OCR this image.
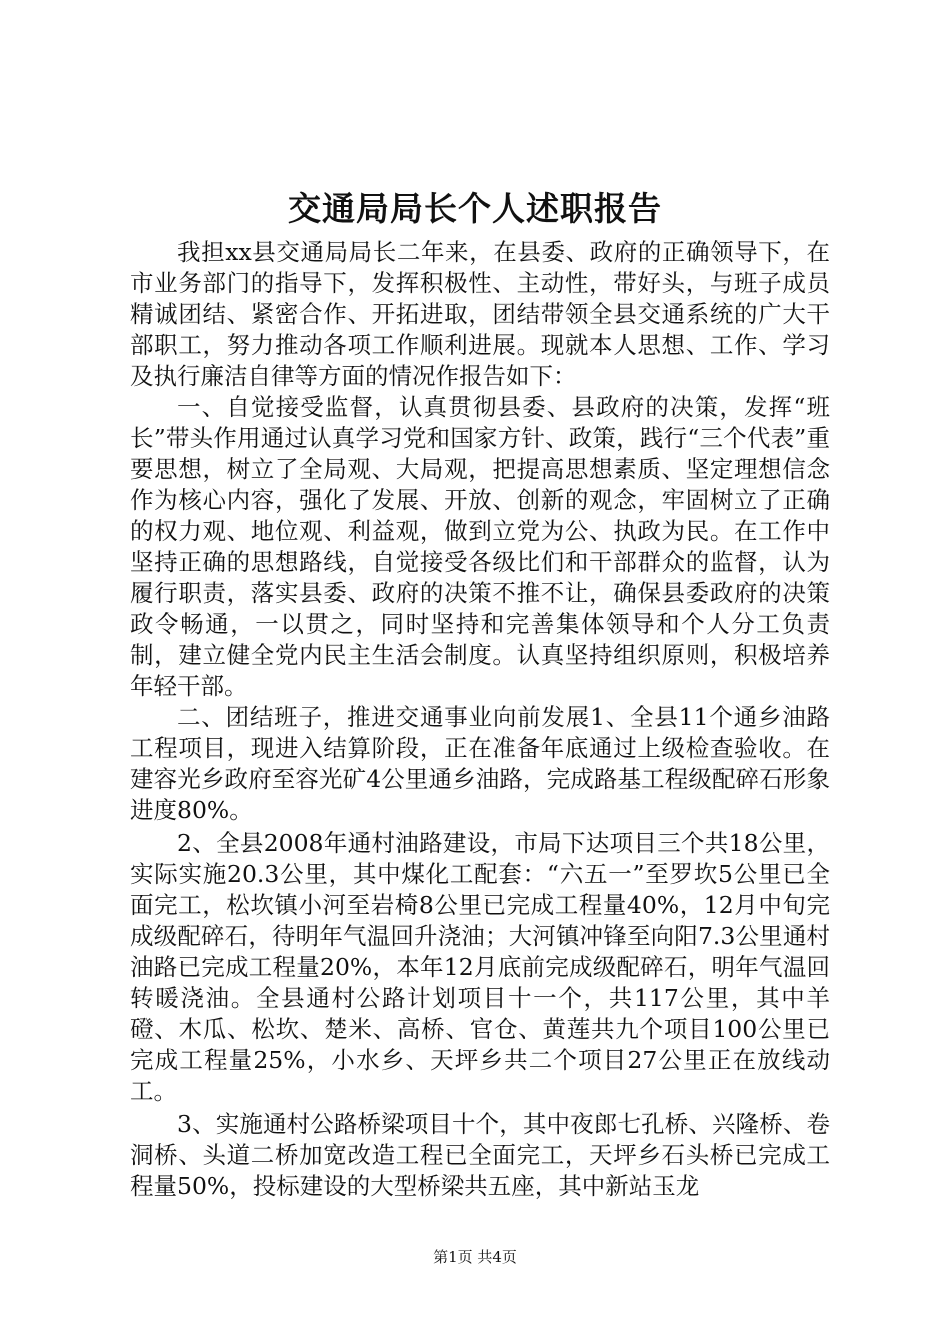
交通局局长个人述职报告

我担xx县交通局局长二年来，在县委、政府的正确领导下，在市业务部门的指导下，发挥积极性、主动性，带好头，与班子成员精诚团结、紧密合作、开拓进取，团结带领全县交通系统的广大干部职工，努力推动各项工作顺利进展。现就本人思想、工作、学习及执行廉洁自律等方面的情况作报告如下：

一、自觉接受监督，认真贯彻县委、县政府的决策，发挥“班长”带头作用通过认真学习党和国家方针、政策，践行“三个代表”重要思想，树立了全局观、大局观，把提高思想素质、坚定理想信念作为核心内容，强化了发展、开放、创新的观念，牢固树立了正确的权力观、地位观、利益观，做到立党为公、执政为民。在工作中坚持正确的思想路线，自觉接受各级比们和干部群众的监督，认为履行职责，落实县委、政府的决策不推不让，确保县委政府的决策政令畅通，一以贯之，同时坚持和完善集体领导和个人分工负责制，建立健全党内民主生活会制度。认真坚持组织原则，积极培养年轻干部。

二、团结班子，推进交通事业向前发展1、全县11个通乡油路工程项目，现进入结算阶段，正在准备年底通过上级检查验收。在建容光乡政府至容光矿4公里通乡油路，完成路基工程级配碎石形象进度80%。

2、全县2008年通村油路建设，市局下达项目三个共18公里，实际实施20.3公里，其中煤化工配套：“六五一”至罗坎5公里已全面完工，松坎镇小河至岩椅8公里已完成工程量40%，12月中旬完成级配碎石，待明年气温回升浇油；大河镇冲锋至向阳7.3公里通村油路已完成工程量20%，本年12月底前完成级配碎石，明年气温回转暖浇油。全县通村公路计划项目十一个，共117公里，其中羊磴、木瓜、松坎、楚米、高桥、官仓、黄莲共九个项目100公里已完成工程量25%，小水乡、天坪乡共二个项目27公里正在放线动工。

3、实施通村公路桥梁项目十个，其中夜郎七孔桥、兴隆桥、卷洞桥、头道二桥加宽改造工程已全面完工，天坪乡石头桥已完成工程量50%，投标建设的大型桥梁共五座，其中新站玉龙

第1页 共4页
